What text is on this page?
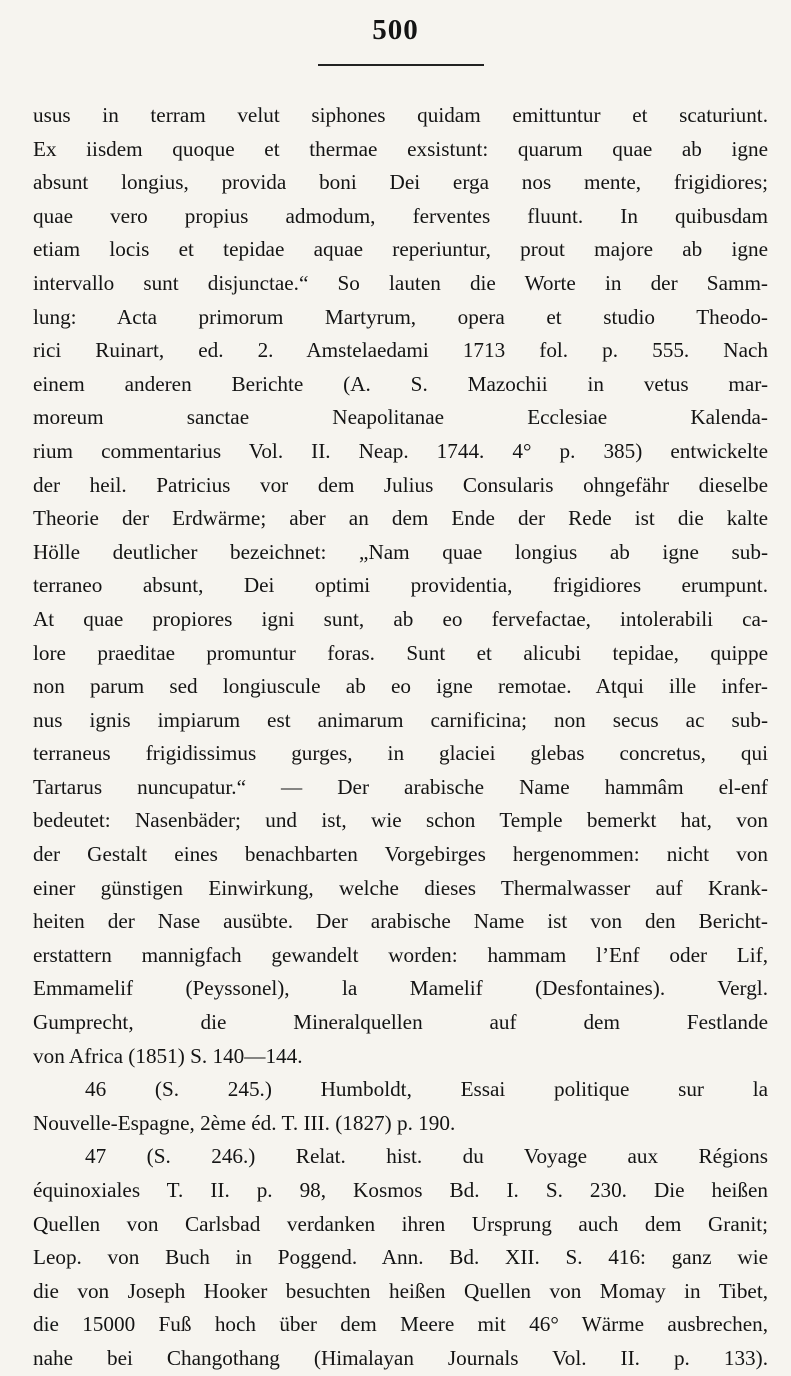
500
usus in terram velut siphones quidam emittuntur et scaturiunt.
Ex iisdem quoque et thermae exsistunt: quarum quae ab igne
absunt longius, provida boni Dei erga nos mente, frigidiores;
quae vero propius admodum, ferventes fluunt. In quibusdam
etiam locis et tepidae aquae reperiuntur, prout majore ab igne
intervallo sunt disjunctae.“ So lauten die Worte in der Samm-
lung: Acta primorum Martyrum, opera et studio Theodo-
rici Ruinart, ed. 2. Amstelaedami 1713 fol. p. 555. Nach
einem anderen Berichte (A. S. Mazochii in vetus mar-
moreum sanctae Neapolitanae Ecclesiae Kalenda-
rium commentarius Vol. II. Neap. 1744. 4° p. 385) entwickelte
der heil. Patricius vor dem Julius Consularis ohngefähr dieselbe
Theorie der Erdwärme; aber an dem Ende der Rede ist die kalte
Hölle deutlicher bezeichnet: „Nam quae longius ab igne sub-
terraneo absunt, Dei optimi providentia, frigidiores erumpunt.
At quae propiores igni sunt, ab eo fervefactae, intolerabili ca-
lore praeditae promuntur foras. Sunt et alicubi tepidae, quippe
non parum sed longiuscule ab eo igne remotae. Atqui ille infer-
nus ignis impiarum est animarum carnificina; non secus ac sub-
terraneus frigidissimus gurges, in glaciei glebas concretus, qui
Tartarus nuncupatur.“ — Der arabische Name hammâm el-enf
bedeutet: Nasenbäder; und ist, wie schon Temple bemerkt hat, von
der Gestalt eines benachbarten Vorgebirges hergenommen: nicht von
einer günstigen Einwirkung, welche dieses Thermalwasser auf Krank-
heiten der Nase ausübte. Der arabische Name ist von den Bericht-
erstattern mannigfach gewandelt worden: hammam l’Enf oder Lif,
Emmamelif (Peyssonel), la Mamelif (Desfontaines). Vergl.
Gumprecht, die Mineralquellen auf dem Festlande
von Africa (1851) S. 140—144.
46 (S. 245.) Humboldt, Essai politique sur la
Nouvelle-Espagne, 2ème éd. T. III. (1827) p. 190.
47 (S. 246.) Relat. hist. du Voyage aux Régions
équinoxiales T. II. p. 98, Kosmos Bd. I. S. 230. Die heißen
Quellen von Carlsbad verdanken ihren Ursprung auch dem Granit;
Leop. von Buch in Poggend. Ann. Bd. XII. S. 416: ganz wie
die von Joseph Hooker besuchten heißen Quellen von Momay in Tibet,
die 15000 Fuß hoch über dem Meere mit 46° Wärme ausbrechen,
nahe bei Changothang (Himalayan Journals Vol. II. p. 133).
